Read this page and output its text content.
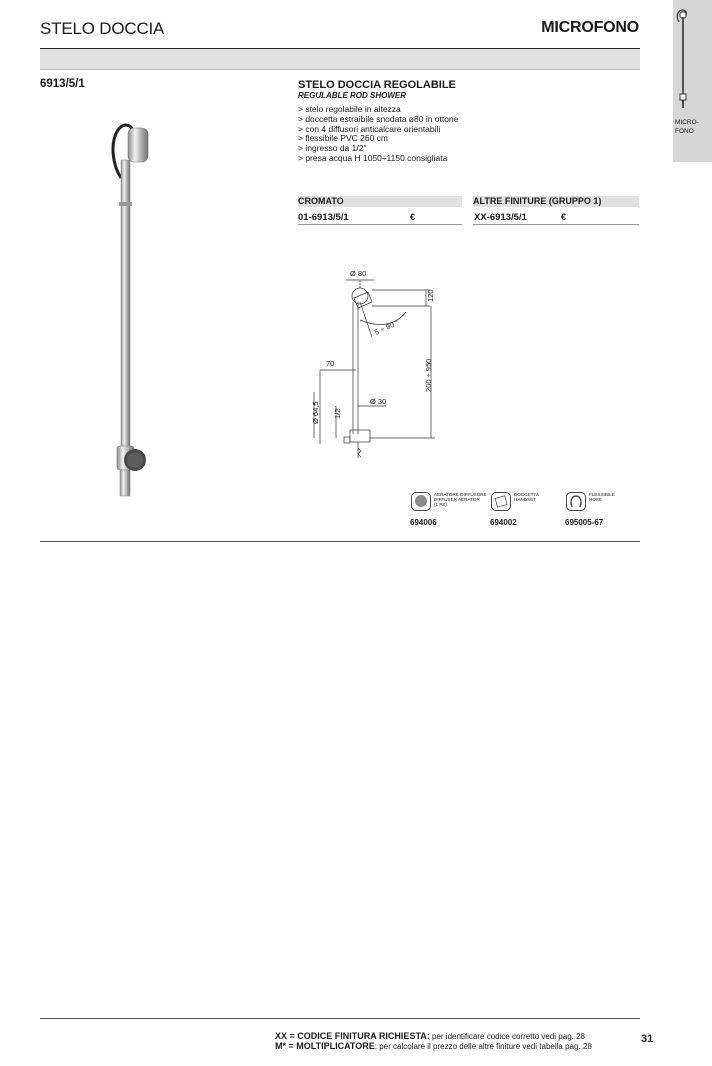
STELO DOCCIA	MICROFONO
MICRO-
FONO
6913/5/1	STELO DOCCIA REGOLABILE
REGULABLE ROD SHOWER
> stelo regolabile in altezza
> doccetta estraibile snodata ø80 in ottone
> con 4 diffusori anticalcare orientabili
> flessibile PVC 260 cm
> ingresso da 1/2"
> presa acqua H 1050÷1150 consigliata
CROMATO	ALTRE FINITURE (GRUPPO 1)
01-6913/5/1	€	XX-6913/5/1	€
Ø 80
120
5 ÷ 90 °
70	200 ÷ 950
Ø 64,5 1/2"
Ø 30
AERATORE DIFFUSORE
DIFFUSER AERATOR
(1 PZ)
694006
DOCCETTA
HANDSET
694002
FLESSIBILE
HOSE
695005-67
XX = CODICE FINITURA RICHIESTA: per identificare codice corretto vedi pag. 28
M* = MOLTIPLICATORE: per calcolare il prezzo delle altre finiture vedi tabella pag. 28
31
